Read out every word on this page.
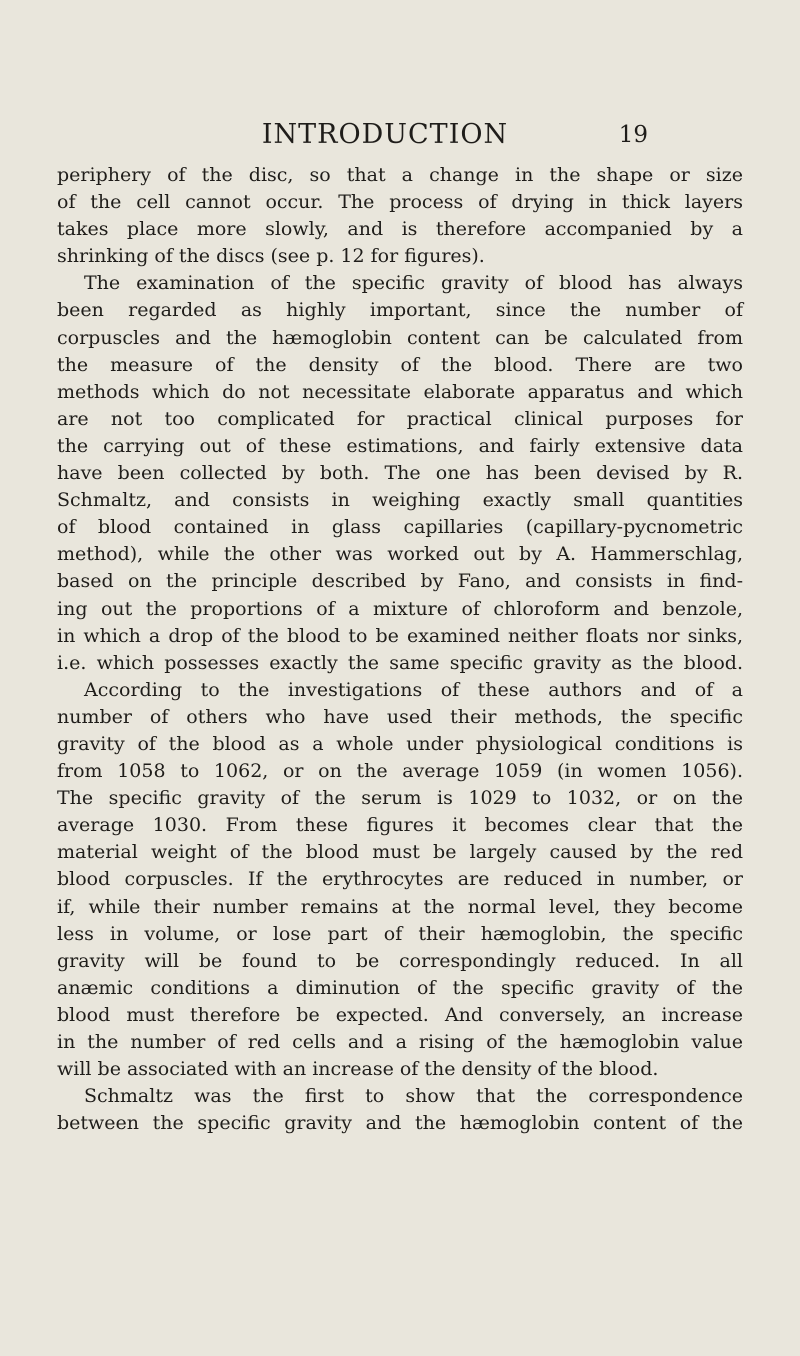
INTRODUCTION	19
periphery of the disc, so that a change in the shape or size
of the cell cannot occur. The process of drying in thick layers
takes place more slowly, and is therefore accompanied by a
shrinking of the discs (see p. 12 for figures).
The examination of the specific gravity of blood has always
been regarded as highly important, since the number of
corpuscles and the hæmoglobin content can be calculated from
the measure of the density of the blood. There are two
methods which do not necessitate elaborate apparatus and which
are not too complicated for practical clinical purposes for
the carrying out of these estimations, and fairly extensive data
have been collected by both. The one has been devised by R.
Schmaltz, and consists in weighing exactly small quantities
of blood contained in glass capillaries (capillary-pycnometric
method), while the other was worked out by A. Hammerschlag,
based on the principle described by Fano, and consists in find-
ing out the proportions of a mixture of chloroform and benzole,
in which a drop of the blood to be examined neither floats nor sinks,
i.e. which possesses exactly the same specific gravity as the blood.
According to the investigations of these authors and of a
number of others who have used their methods, the specific
gravity of the blood as a whole under physiological conditions is
from 1058 to 1062, or on the average 1059 (in women 1056).
The specific gravity of the serum is 1029 to 1032, or on the
average 1030. From these figures it becomes clear that the
material weight of the blood must be largely caused by the red
blood corpuscles. If the erythrocytes are reduced in number, or
if, while their number remains at the normal level, they become
less in volume, or lose part of their hæmoglobin, the specific
gravity will be found to be correspondingly reduced. In all
anæmic conditions a diminution of the specific gravity of the
blood must therefore be expected. And conversely, an increase
in the number of red cells and a rising of the hæmoglobin value
will be associated with an increase of the density of the blood.
Schmaltz was the first to show that the correspondence
between the specific gravity and the hæmoglobin content of the
